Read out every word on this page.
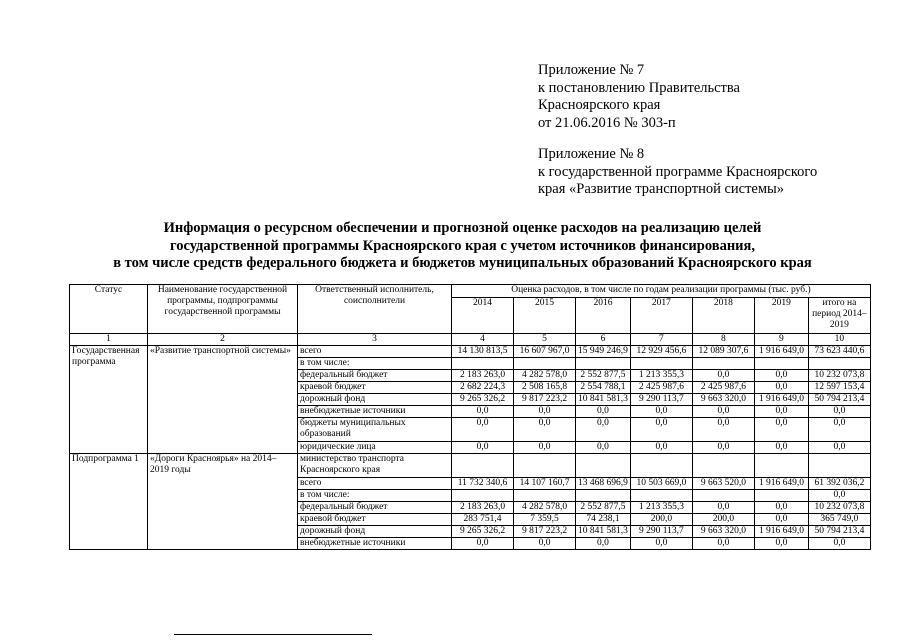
Приложение № 7
к постановлению Правительства
Красноярского края
от 21.06.2016 № 303-п
Приложение № 8
к государственной программе Красноярского
края «Развитие транспортной системы»
Информация о ресурсном обеспечении и прогнозной оценке расходов на реализацию целей
государственной программы Красноярского края с учетом источников финансирования,
в том числе средств федерального бюджета и бюджетов муниципальных образований Красноярского края
Статус	Наименование государственной программы, подпрограммы государственной программы	Ответственный исполнитель, соисполнители	Оценка расходов, в том числе по годам реализации программы (тыс. руб.)						
			2014	2015	2016	2017	2018	2019	итого на период 2014–2019
1	2	3	4	5	6	7	8	9	10
Государственная программа	«Развитие транспортной системы»	всего	14 130 813,5	16 607 967,0	15 949 246,9	12 929 456,6	12 089 307,6	1 916 649,0	73 623 440,6
		в том числе:							
		федеральный бюджет	2 183 263,0	4 282 578,0	2 552 877,5	1 213 355,3	0,0	0,0	10 232 073,8
		краевой бюджет	2 682 224,3	2 508 165,8	2 554 788,1	2 425 987,6	2 425 987,6	0,0	12 597 153,4
		дорожный фонд	9 265 326,2	9 817 223,2	10 841 581,3	9 290 113,7	9 663 320,0	1 916 649,0	50 794 213,4
		внебюджетные источники	0,0	0,0	0,0	0,0	0,0	0,0	0,0
		бюджеты муниципальных образований	0,0	0,0	0,0	0,0	0,0	0,0	0,0
		юридические лица	0,0	0,0	0,0	0,0	0,0	0,0	0,0
Подпрограмма 1	«Дороги Красноярья» на 2014–2019 годы	министерство транспорта Красноярского края							
		всего	11 732 340,6	14 107 160,7	13 468 696,9	10 503 669,0	9 663 520,0	1 916 649,0	61 392 036,2
		в том числе:							0,0
		федеральный бюджет	2 183 263,0	4 282 578,0	2 552 877,5	1 213 355,3	0,0	0,0	10 232 073,8
		краевой бюджет	283 751,4	7 359,5	74 238,1	200,0	200,0	0,0	365 749,0
		дорожный фонд	9 265 326,2	9 817 223,2	10 841 581,3	9 290 113,7	9 663 320,0	1 916 649,0	50 794 213,4
		внебюджетные источники	0,0	0,0	0,0	0,0	0,0	0,0	0,0
